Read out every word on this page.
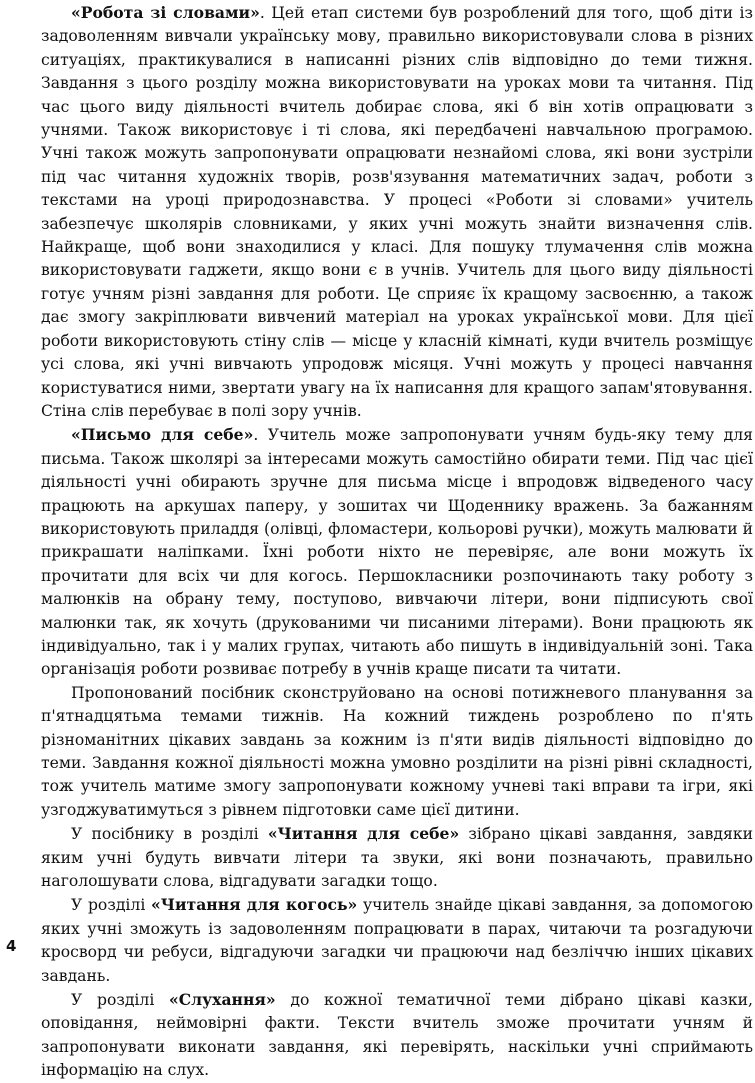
«Робота зі словами». Цей етап системи був розроблений для того, щоб діти із задоволенням вивчали українську мову, правильно використовували слова в різних ситуаціях, практикувалися в написанні різних слів відповідно до теми тижня. Завдання з цього розділу можна використовувати на уроках мови та читання. Під час цього виду діяльності вчитель добирає слова, які б він хотів опрацювати з учнями. Також використовує і ті слова, які передбачені навчальною програмою. Учні також можуть запропонувати опрацювати незнайомі слова, які вони зустріли під час читання художніх творів, розв'язування математичних задач, роботи з текстами на уроці природознавства. У процесі «Роботи зі словами» учитель забезпечує школярів словниками, у яких учні можуть знайти визначення слів. Найкраще, щоб вони знаходилися у класі. Для пошуку тлумачення слів можна використовувати гаджети, якщо вони є в учнів. Учитель для цього виду діяльності готує учням різні завдання для роботи. Це сприяє їх кращому засвоєнню, а також дає змогу закріплювати вивчений матеріал на уроках української мови. Для цієї роботи використовують стіну слів — місце у класній кімнаті, куди вчитель розміщує усі слова, які учні вивчають упродовж місяця. Учні можуть у процесі навчання користуватися ними, звертати увагу на їх написання для кращого запам'ятовування. Стіна слів перебуває в полі зору учнів.

«Письмо для себе». Учитель може запропонувати учням будь-яку тему для письма. Також школярі за інтересами можуть самостійно обирати теми. Під час цієї діяльності учні обирають зручне для письма місце і впродовж відведеного часу працюють на аркушах паперу, у зошитах чи Щоденнику вражень. За бажанням використовують приладдя (олівці, фломастери, кольорові ручки), можуть малювати й прикрашати наліпками. Їхні роботи ніхто не перевіряє, але вони можуть їх прочитати для всіх чи для когось. Першокласники розпочинають таку роботу з малюнків на обрану тему, поступово, вивчаючи літери, вони підписують свої малюнки так, як хочуть (друкованими чи писаними літерами). Вони працюють як індивідуально, так і у малих групах, читають або пишуть в індивідуальній зоні. Така організація роботи розвиває потребу в учнів краще писати та читати.

Пропонований посібник сконструйовано на основі потижневого планування за п'ятнадцятьма темами тижнів. На кожний тиждень розроблено по п'ять різноманітних цікавих завдань за кожним із п'яти видів діяльності відповідно до теми. Завдання кожної діяльності можна умовно розділити на різні рівні складності, тож учитель матиме змогу запропонувати кожному учневі такі вправи та ігри, які узгоджуватимуться з рівнем підготовки саме цієї дитини.

У посібнику в розділі «Читання для себе» зібрано цікаві завдання, завдяки яким учні будуть вивчати літери та звуки, які вони позначають, правильно наголошувати слова, відгадувати загадки тощо.

У розділі «Читання для когось» учитель знайде цікаві завдання, за допомогою яких учні зможуть із задоволенням попрацювати в парах, читаючи та розгадуючи кросворд чи ребуси, відгадуючи загадки чи працюючи над безліччю інших цікавих завдань.

У розділі «Слухання» до кожної тематичної теми дібрано цікаві казки, оповідання, неймовірні факти. Тексти вчитель зможе прочитати учням й запропонувати виконати завдання, які перевірять, наскільки учні сприймають інформацію на слух.

4
